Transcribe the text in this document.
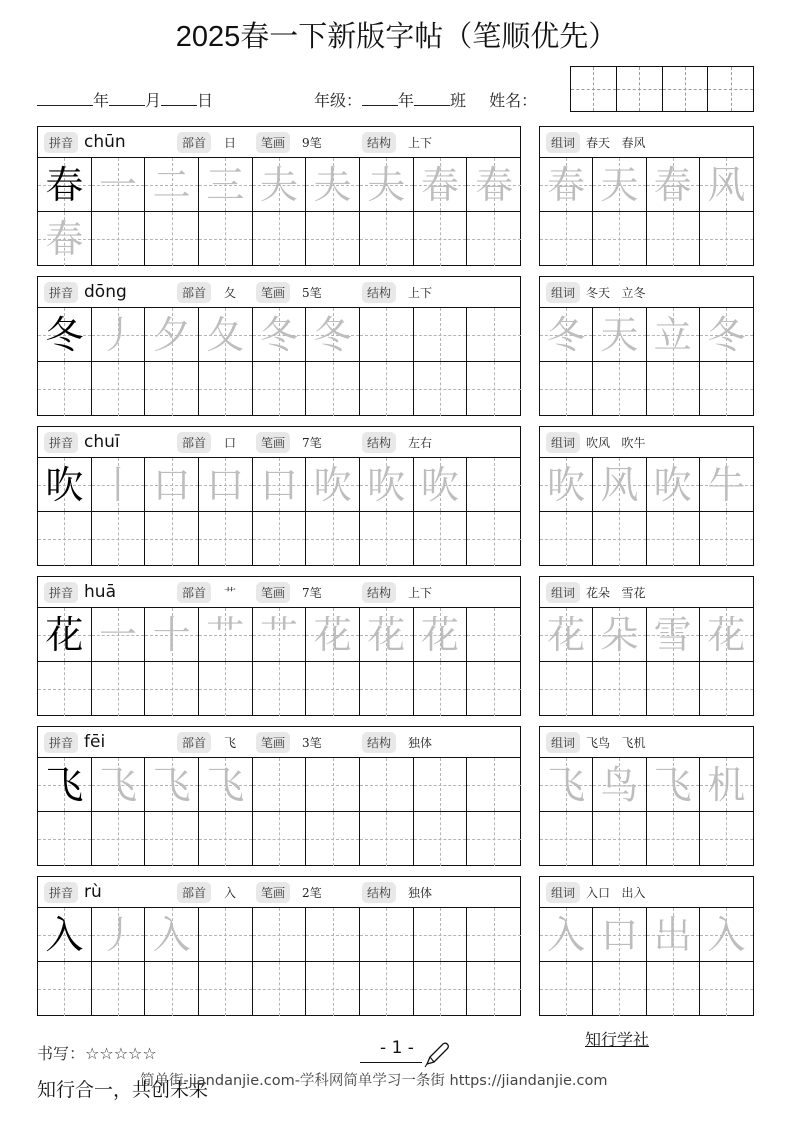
2025春一下新版字帖（笔顺优先）
年 月 日	年级： 年 班 姓名：
拼音 chūn	部首	日	笔画	9笔	结构	上下
春 一 二 三 夫 夫 夫 春 春
春
组词 春天   春风
春 天 春 风
拼音 dōng	部首	夂	笔画	5笔	结构	上下
冬 丿 夕 夂 冬 冬
组词 冬天   立冬
冬 天 立 冬
拼音 chuī	部首	口	笔画	7笔	结构	左右
吹 丨 口 口 口 吹 吹 吹
组词 吹风   吹牛
吹 风 吹 牛
拼音 huā	部首	艹	笔画	7笔	结构	上下
花 一 十 艹 艹 花 花 花
组词 花朵   雪花
花 朵 雪 花
拼音 fēi	部首	飞	笔画	3笔	结构	独体
飞 飞 飞 飞
组词 飞鸟   飞机
飞 鸟 飞 机
拼音 rù	部首	入	笔画	2笔	结构	独体
入 丿 入
组词 入口   出入
入 口 出 入
书写：☆☆☆☆☆	- 1 -	知行学社
知行合一，共创未来
简单街-jiandanjie.com-学科网简单学习一条街 https://jiandanjie.com
